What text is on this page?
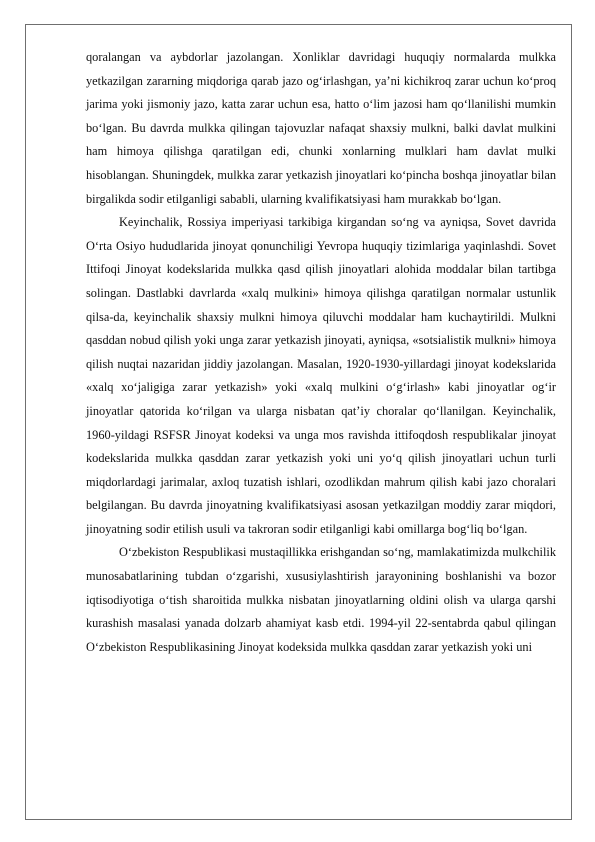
qoralangan va aybdorlar jazolangan. Xonliklar davridagi huquqiy normalarda mulkka yetkazilgan zararning miqdoriga qarab jazo ogʻirlashgan, yaʼni kichikroq zarar uchun koʻproq jarima yoki jismoniy jazo, katta zarar uchun esa, hatto oʻlim jazosi ham qoʻllanilishi mumkin boʻlgan. Bu davrda mulkka qilingan tajovuzlar nafaqat shaxsiy mulkni, balki davlat mulkini ham himoya qilishga qaratilgan edi, chunki xonlarning mulklari ham davlat mulki hisoblangan. Shuningdek, mulkka zarar yetkazish jinoyatlari koʻpincha boshqa jinoyatlar bilan birgalikda sodir etilganligi sababli, ularning kvalifikatsiyasi ham murakkab boʻlgan.

Keyinchalik, Rossiya imperiyasi tarkibiga kirgandan soʻng va ayniqsa, Sovet davrida Oʻrta Osiyo hududlarida jinoyat qonunchiligi Yevropa huquqiy tizimlariga yaqinlashdi. Sovet Ittifoqi Jinoyat kodekslarida mulkka qasd qilish jinoyatlari alohida moddalar bilan tartibga solingan. Dastlabki davrlarda «xalq mulkini» himoya qilishga qaratilgan normalar ustunlik qilsa-da, keyinchalik shaxsiy mulkni himoya qiluvchi moddalar ham kuchaytirildi. Mulkni qasddan nobud qilish yoki unga zarar yetkazish jinoyati, ayniqsa, «sotsialistik mulkni» himoya qilish nuqtai nazaridan jiddiy jazolangan. Masalan, 1920-1930-yillardagi jinoyat kodekslarida «xalq xoʻjaligiga zarar yetkazish» yoki «xalq mulkini oʻgʻirlash» kabi jinoyatlar ogʻir jinoyatlar qatorida koʻrilgan va ularga nisbatan qatʼiy choralar qoʻllanilgan. Keyinchalik, 1960-yildagi RSFSR Jinoyat kodeksi va unga mos ravishda ittifoqdosh respublikalar jinoyat kodekslarida mulkka qasddan zarar yetkazish yoki uni yoʻq qilish jinoyatlari uchun turli miqdorlardagi jarimalar, axloq tuzatish ishlari, ozodlikdan mahrum qilish kabi jazo choralari belgilangan. Bu davrda jinoyatning kvalifikatsiyasi asosan yetkazilgan moddiy zarar miqdori, jinoyatning sodir etilish usuli va takroran sodir etilganligi kabi omillarga bogʻliq boʻlgan.

Oʻzbekiston Respublikasi mustaqillikka erishgandan soʻng, mamlakatimizda mulkchilik munosabatlarining tubdan oʻzgarishi, xususiylashtirish jarayonining boshlanishi va bozor iqtisodiyotiga oʻtish sharoitida mulkka nisbatan jinoyatlarning oldini olish va ularga qarshi kurashish masalasi yanada dolzarb ahamiyat kasb etdi. 1994-yil 22-sentabrda qabul qilingan Oʻzbekiston Respublikasining Jinoyat kodeksida mulkka qasddan zarar yetkazish yoki uni
